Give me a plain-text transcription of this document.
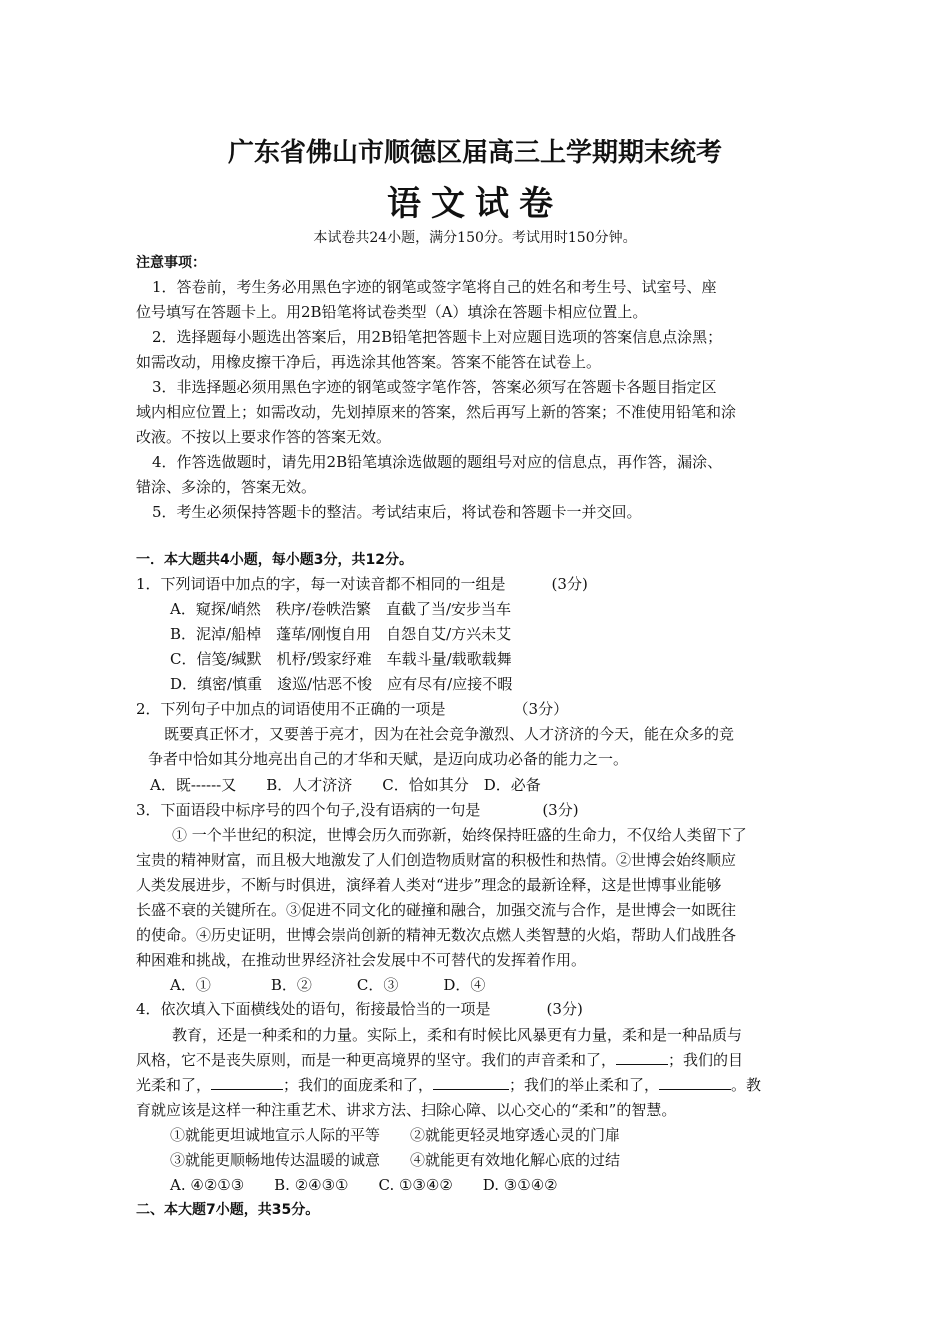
广东省佛山市顺德区届高三上学期期末统考
语文试卷
本试卷共24小题，满分150分。考试用时150分钟。
注意事项：
1．答卷前，考生务必用黑色字迹的钢笔或签字笔将自己的姓名和考生号、试室号、座
位号填写在答题卡上。用2B铅笔将试卷类型（A）填涂在答题卡相应位置上。
2．选择题每小题选出答案后，用2B铅笔把答题卡上对应题目选项的答案信息点涂黑；
如需改动，用橡皮擦干净后，再选涂其他答案。答案不能答在试卷上。
3．非选择题必须用黑色字迹的钢笔或签字笔作答，答案必须写在答题卡各题目指定区
域内相应位置上；如需改动，先划掉原来的答案，然后再写上新的答案；不准使用铅笔和涂
改液。不按以上要求作答的答案无效。
4．作答选做题时，请先用2B铅笔填涂选做题的题组号对应的信息点，再作答，漏涂、
错涂、多涂的，答案无效。
5．考生必须保持答题卡的整洁。考试结束后，将试卷和答题卡一并交回。
一．本大题共4小题，每小题3分，共12分。
1．下列词语中加点的字，每一对读音都不相同的一组是	(3分)
A．窥探/峭然　秩序/卷帙浩繁　直截了当/安步当车
B．泥淖/船棹　蓬荜/刚愎自用　自怨自艾/方兴未艾
C．信笺/缄默　机杼/毁家纾难　车载斗量/载歌载舞
D．缜密/慎重　逡巡/怙恶不悛　应有尽有/应接不暇
2．下列句子中加点的词语使用不正确的一项是	（3分）
既要真正怀才，又要善于亮才，因为在社会竞争激烈、人才济济的今天，能在众多的竞
争者中恰如其分地亮出自己的才华和天赋，是迈向成功必备的能力之一。
A．既------又　　B．人才济济　　C．恰如其分　D．必备
3．下面语段中标序号的四个句子,没有语病的一句是	(3分)
① 一个半世纪的积淀，世博会历久而弥新，始终保持旺盛的生命力，不仅给人类留下了
宝贵的精神财富，而且极大地激发了人们创造物质财富的积极性和热情。②世博会始终顺应
人类发展进步，不断与时俱进，演绎着人类对“进步”理念的最新诠释，这是世博事业能够
长盛不衰的关键所在。③促进不同文化的碰撞和融合，加强交流与合作，是世博会一如既往
的使命。④历史证明，世博会崇尚创新的精神无数次点燃人类智慧的火焰，帮助人们战胜各
种困难和挑战，在推动世界经济社会发展中不可替代的发挥着作用。
A．①　　　　B．②　　　C．③　　　D．④
4．依次填入下面横线处的语句，衔接最恰当的一项是	(3分)
教育，还是一种柔和的力量。实际上，柔和有时候比风暴更有力量，柔和是一种品质与
风格，它不是丧失原则，而是一种更高境界的坚守。我们的声音柔和了，	；我们的目
光柔和了，	；我们的面庞柔和了，	；我们的举止柔和了，	。教
育就应该是这样一种注重艺术、讲求方法、扫除心障、以心交心的“柔和”的智慧。
①就能更坦诚地宣示人际的平等　　②就能更轻灵地穿透心灵的门扉
③就能更顺畅地传达温暖的诚意　　④就能更有效地化解心底的过结
A. ④②①③　　B. ②④③①　　C. ①③④②　　D. ③①④②
二、本大题7小题，共35分。
